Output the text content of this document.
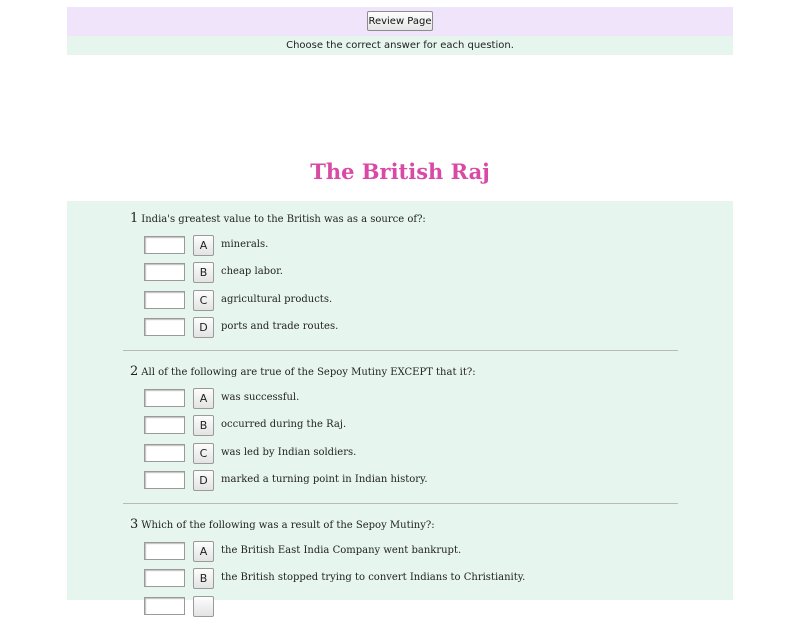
Review Page
Choose the correct answer for each question.
The British Raj
1 India's greatest value to the British was as a source of?:
A	minerals.
B	cheap labor.
C	agricultural products.
D	ports and trade routes.
2 All of the following are true of the Sepoy Mutiny EXCEPT that it?:
A	was successful.
B	occurred during the Raj.
C	was led by Indian soldiers.
D	marked a turning point in Indian history.
3 Which of the following was a result of the Sepoy Mutiny?:
A	the British East India Company went bankrupt.
B	the British stopped trying to convert Indians to Christianity.
